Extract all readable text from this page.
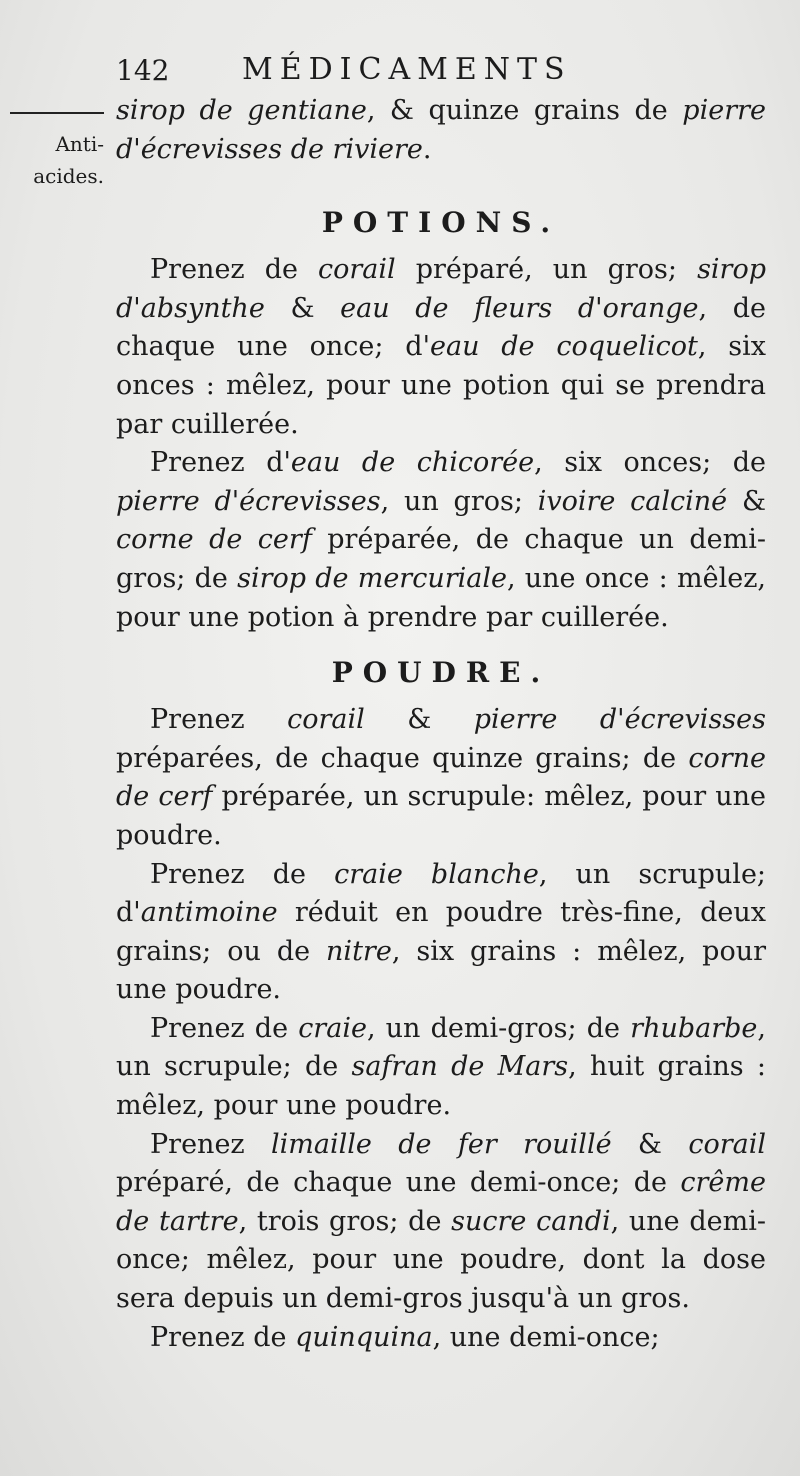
142 MÉDICAMENTS
Anti-
acides.

sirop de gentiane, & quinze grains de pierre d'écrevisses de riviere.

POTIONS.

Prenez de corail préparé, un gros; sirop d'absynthe & eau de fleurs d'orange, de chaque une once; d'eau de coquelicot, six onces : mêlez, pour une potion qui se prendra par cuillerée.

Prenez d'eau de chicorée, six onces; de pierre d'écrevisses, un gros; ivoire calciné & corne de cerf préparée, de chaque un demi-gros; de sirop de mercuriale, une once : mêlez, pour une potion à prendre par cuillerée.

POUDRE.

Prenez corail & pierre d'écrevisses préparées, de chaque quinze grains; de corne de cerf préparée, un scrupule: mêlez, pour une poudre.

Prenez de craie blanche, un scrupule; d'antimoine réduit en poudre très-fine, deux grains; ou de nitre, six grains : mêlez, pour une poudre.

Prenez de craie, un demi-gros; de rhubarbe, un scrupule; de safran de Mars, huit grains : mêlez, pour une poudre.

Prenez limaille de fer rouillé & corail préparé, de chaque une demi-once; de crême de tartre, trois gros; de sucre candi, une demi-once; mêlez, pour une poudre, dont la dose sera depuis un demi-gros jusqu'à un gros.

Prenez de quinquina, une demi-once;
